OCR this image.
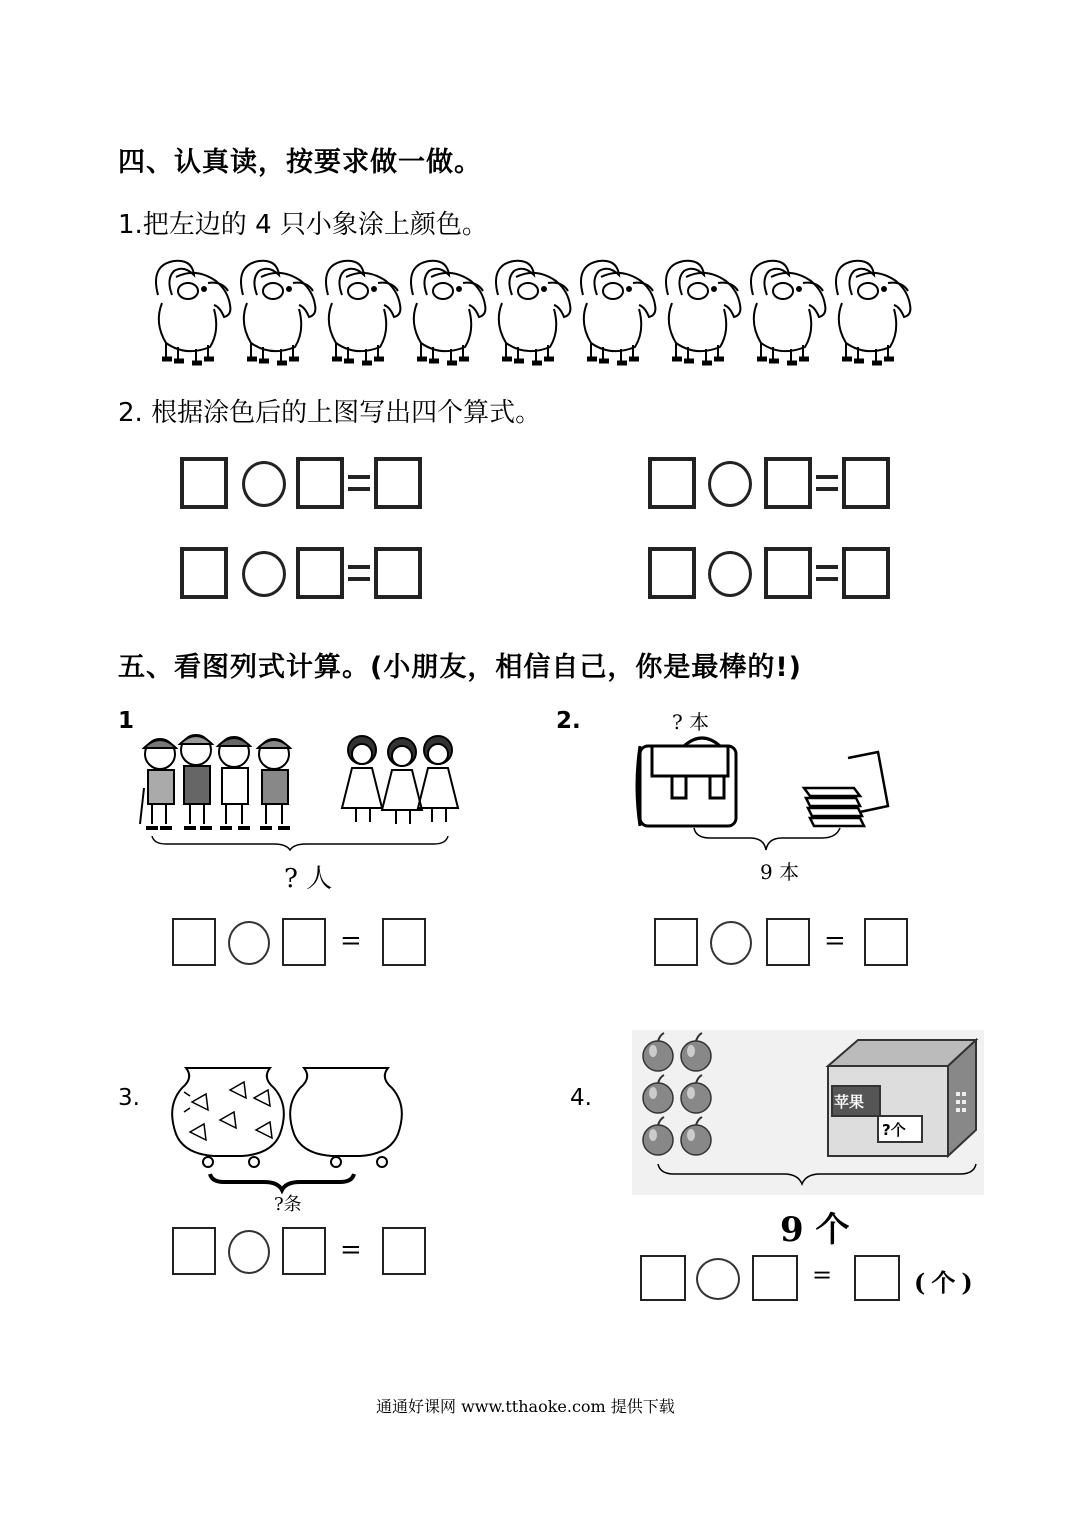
四、认真读，按要求做一做。
1.把左边的 4 只小象涂上颜色。
2. 根据涂色后的上图写出四个算式。
五、看图列式计算。(小朋友，相信自己，你是最棒的!)
1
? 人
=
2.	? 本
9 本
=
3.
?条
=
4.	苹果
?个
9 个
=	(个)
通通好课网 www.tthaoke.com 提供下载
